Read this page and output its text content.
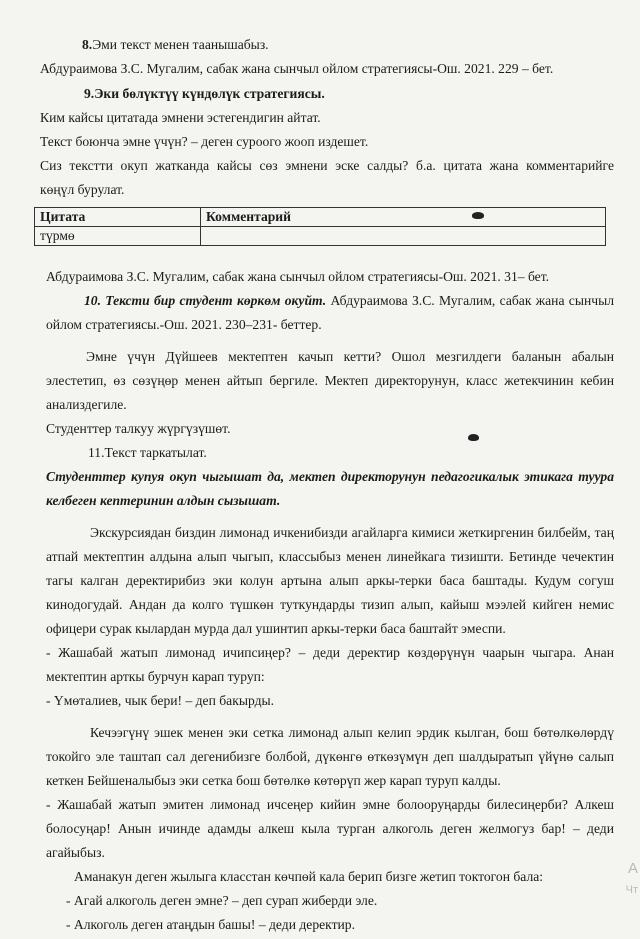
8.Эми текст менен таанышабыз.
Абдураимова З.С. Мугалим, сабак жана сынчыл ойлом стратегиясы-Ош. 2021. 229 – бет.
9.Эки бөлүктүү күндөлүк стратегиясы.
Ким кайсы цитатада эмнени эстегендигин айтат.
Текст боюнча эмне үчүн? – деген суроого жооп издешет.
Сиз текстти окуп жатканда кайсы сөз эмнени эске салды? б.а. цитата жана комментарийге
көңүл бурулат.
Цитата	Комментарий
түрмө	
Абдураимова З.С. Мугалим, сабак жана сынчыл ойлом стратегиясы-Ош. 2021. 31– бет.
10. Тексти бир студент көркөм окуйт. Абдураимова З.С. Мугалим, сабак жана сынчыл
ойлом стратегиясы.-Ош. 2021. 230–231- беттер.
Эмне үчүн Дүйшеев мектептен качып кетти? Ошол мезгилдеги баланын абалын
элестетип, өз сөзүңөр менен айтып бергиле. Мектеп директорунун, класс жетекчинин кебин
анализдегиле.
Студенттер талкуу жүргүзүшөт.
11.Текст таркатылат.
Студенттер купуя окуп чыгышат да, мектеп директорунун педагогикалык этикага туура
келбеген кептеринин алдын сызышат.
Экскурсиядан биздин лимонад ичкенибизди агайларга кимиси жеткиргенин билбейм, таң
атпай мектептин алдына алып чыгып, классыбыз менен линейкага тизишти. Бетинде чечектин
тагы калган деректирибиз эки колун артына алып аркы-терки баса баштады. Кудум согуш
кинодогудай. Андан да колго түшкөн туткундарды тизип алып, кайыш мээлей кийген немис
офицери сурак кылардан мурда дал ушинтип аркы-терки баса баштайт эмеспи.
- Жашабай жатып лимонад ичипсиңер? – деди деректир көздөрүнүн чаарын чыгара. Анан
мектептин арткы бурчун карап туруп:
- Үмөталиев, чык бери! – деп бакырды.
Кечээгүнү эшек менен эки сетка лимонад алып келип эрдик кылган, бош бөтөлкөлөрдү
токойго эле таштап сал дегенибизге болбой, дүкөнгө өткөзүмүн деп шалдыратып үйүнө салып
кеткен Бейшеналыбыз эки сетка бош бөтөлкө көтөрүп жер карап туруп калды.
- Жашабай жатып эмитен лимонад ичсеңер кийин эмне болооруңарды билесиңерби? Алкеш
болосуңар! Анын ичинде адамды алкеш кыла турган алкоголь деген желмогуз бар! – деди
агайыбыз.
Аманакун деген жылыга класстан көчпөй кала берип бизге жетип токтогон бала:
- Агай алкоголь деген эмне? – деп сурап жиберди эле.
- Алкоголь деген атаңдын башы! – деди деректир.
А
Чт
